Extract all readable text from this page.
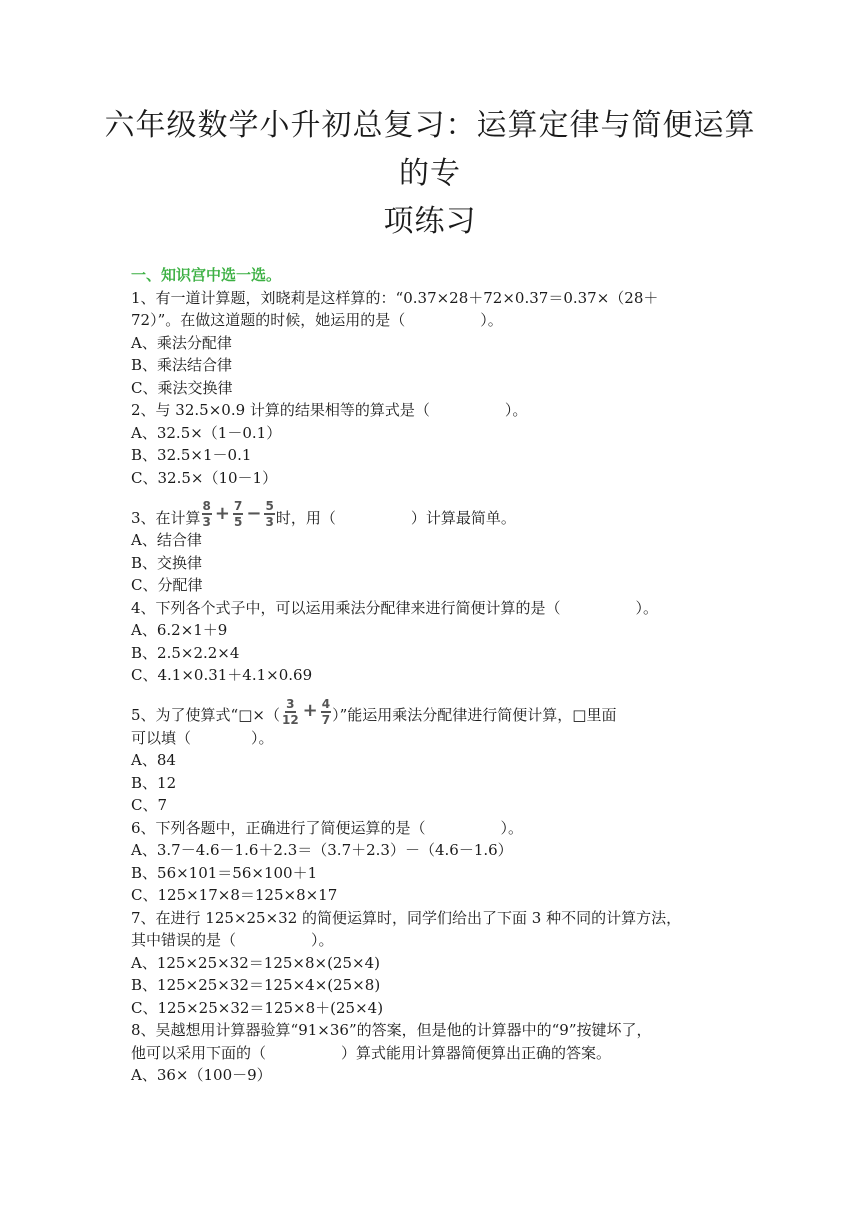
六年级数学小升初总复习：运算定律与简便运算的专
项练习
一、知识宫中选一选。
1、有一道计算题，刘晓莉是这样算的：“0.37×28＋72×0.37＝0.37×（28＋
72）”。在做这道题的时候，她运用的是（　　　　　）。
A、乘法分配律
B、乘法结合律
C、乘法交换律
2、与 32.5×0.9 计算的结果相等的算式是（　　　　　）。
A、32.5×（1－0.1）
B、32.5×1－0.1
C、32.5×（10－1）
3、在计算 $\frac{8}{3} + \frac{7}{5} - \frac{5}{3}$ 时，用（　　　　　）计算最简单。
A、结合律
B、交换律
C、分配律
4、下列各个式子中，可以运用乘法分配律来进行简便计算的是（　　　　　）。
A、6.2×1＋9
B、2.5×2.2×4
C、4.1×0.31＋4.1×0.69
5、为了使算式“□×（ $\frac{3}{12} + \frac{4}{7}$ ）”能运用乘法分配律进行简便计算，□里面
可以填（　　　　）。
A、84
B、12
C、7
6、下列各题中，正确进行了简便运算的是（　　　　　）。
A、3.7－4.6－1.6＋2.3＝（3.7＋2.3）－（4.6－1.6）
B、56×101＝56×100＋1
C、125×17×8＝125×8×17
7、在进行 125×25×32 的简便运算时，同学们给出了下面 3 种不同的计算方法，
其中错误的是（　　　　　）。
A、125×25×32＝125×8×(25×4)
B、125×25×32＝125×4×(25×8)
C、125×25×32＝125×8＋(25×4)
8、吴越想用计算器验算“91×36”的答案，但是他的计算器中的“9”按键坏了，
他可以采用下面的（　　　　　）算式能用计算器简便算出正确的答案。
A、36×（100－9）
